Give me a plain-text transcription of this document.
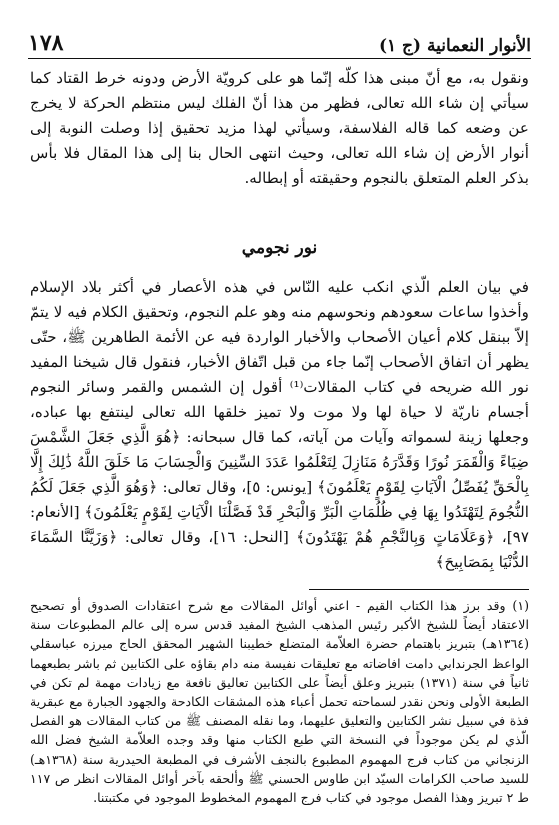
١٧٨	الأنوار النعمانية (ج ١)

ونقول به، مع أنّ مبنى هذا كلّه إنّما هو على كرويّة الأرض ودونه خرط القتاد كما سيأتي إن شاء الله تعالى، فظهر من هذا أنّ الفلك ليس منتظم الحركة لا يخرج عن وضعه كما قاله الفلاسفة، وسيأتي لهذا مزيد تحقيق إذا وصلت النوبة إلى أنوار الأرض إن شاء الله تعالى، وحيث انتهى الحال بنا إلى هذا المقال فلا بأس بذكر العلم المتعلق بالنجوم وحقيقته أو إبطاله.

نور نجومي

في بيان العلم الّذي انكب عليه النّاس في هذه الأعصار في أكثر بلاد الإسلام وأخذوا ساعات سعودهم ونحوسهم منه وهو علم النجوم، وتحقيق الكلام فيه لا يتمّ إلاّ ببنقل كلام أعيان الأصحاب والأخبار الواردة فيه عن الأئمة الطاهرين ﷺ، حتّى يظهر أن اتفاق الأصحاب إنّما جاء من قبل اتّفاق الأخبار، فنقول قال شيخنا المفيد نور الله ضريحه في كتاب المقالات⁽¹⁾ أقول إن الشمس والقمر وسائر النجوم أجسام ناريّة لا حياة لها ولا موت ولا تميز خلقها الله تعالى لينتفع بها عباده، وجعلها زينة لسمواته وآيات من آياته، كما قال سبحانه: ﴿هُوَ الَّذِي جَعَلَ الشَّمْسَ ضِيَاءً وَالْقَمَرَ نُورًا وَقَدَّرَهُ مَنَازِلَ لِتَعْلَمُوا عَدَدَ السِّنِينَ وَالْحِسَابَ مَا خَلَقَ اللَّهُ ذَٰلِكَ إِلَّا بِالْحَقِّ يُفَصِّلُ الْآيَاتِ لِقَوْمٍ يَعْلَمُونَ﴾ [يونس: ٥]، وقال تعالى: ﴿وَهُوَ الَّذِي جَعَلَ لَكُمُ النُّجُومَ لِتَهْتَدُوا بِهَا فِي ظُلُمَاتِ الْبَرِّ وَالْبَحْرِ قَدْ فَصَّلْنَا الْآيَاتِ لِقَوْمٍ يَعْلَمُونَ﴾ [الأنعام: ٩٧]، ﴿وَعَلَامَاتٍ وَبِالنَّجْمِ هُمْ يَهْتَدُونَ﴾ [النحل: ١٦]، وقال تعالى: ﴿وَزَيَّنَّا السَّمَاءَ الدُّنْيَا بِمَصَابِيحَ﴾

(١) وقد برز هذا الكتاب القيم - اعني أوائل المقالات مع شرح اعتقادات الصدوق أو تصحيح الاعتقاد أيضاً للشيخ الأكبر رئيس المذهب الشيخ المفيد قدس سره إلى عالم المطبوعات سنة (١٣٦٤هـ) بتبريز باهتمام حضرة العلاّمة المتضلع خطيبنا الشهير المحقق الحاج ميرزه عباسقلي الواعظ الجرندابي دامت افاضاته مع تعليقات نفيسة منه دام بقاؤه على الكتابين ثم باشر بطبعهما ثانياً في سنة (١٣٧١) بتبريز وعلق أيضاً على الكتابين تعاليق نافعة مع زيادات مهمة لم تكن في الطبعة الأولى ونحن نقدر لسماحته تحمل أعباء هذه المشقات الكادحة والجهود الجبارة مع عبقرية فذة في سبيل نشر الكتابين والتعليق عليهما، وما نقله المصنف ﷺ من كتاب المقالات هو الفصل الّذي لم يكن موجوداً في النسخة التي طبع الكتاب منها وقد وجده العلاّمة الشيخ فضل الله الزنجاني من كتاب فرج المهموم المطبوع بالنجف الأشرف في المطبعة الحيدرية سنة (١٣٦٨هـ) للسيد صاحب الكرامات السيّد ابن طاوس الحسني ﷺ وألحقه بآخر أوائل المقالات انظر ص ١١٧ ط ٢ تبريز وهذا الفصل موجود في كتاب فرج المهموم المخطوط الموجود في مكتبتنا.
